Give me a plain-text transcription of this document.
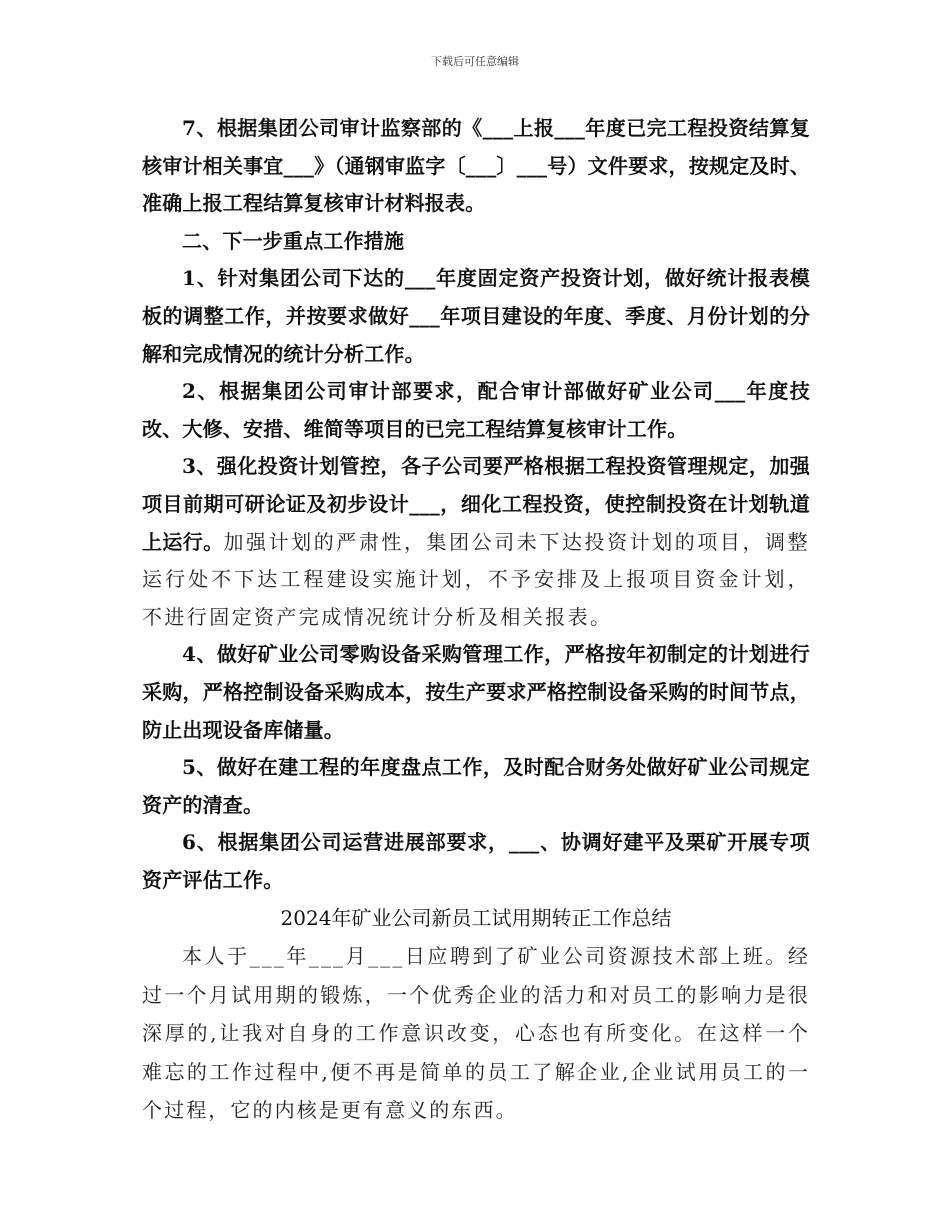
下载后可任意编辑

7、根据集团公司审计监察部的《___上报___年度已完工程投资结算复核审计相关事宜___》（通钢审监字〔___〕___号）文件要求，按规定及时、准确上报工程结算复核审计材料报表。

二、下一步重点工作措施

1、针对集团公司下达的___年度固定资产投资计划，做好统计报表模板的调整工作，并按要求做好___年项目建设的年度、季度、月份计划的分解和完成情况的统计分析工作。

2、根据集团公司审计部要求，配合审计部做好矿业公司___年度技改、大修、安措、维简等项目的已完工程结算复核审计工作。

3、强化投资计划管控，各子公司要严格根据工程投资管理规定，加强项目前期可研论证及初步设计___，细化工程投资，使控制投资在计划轨道上运行。加强计划的严肃性，集团公司未下达投资计划的项目，调整运行处不下达工程建设实施计划，不予安排及上报项目资金计划，不进行固定资产完成情况统计分析及相关报表。

4、做好矿业公司零购设备采购管理工作，严格按年初制定的计划进行采购，严格控制设备采购成本，按生产要求严格控制设备采购的时间节点，防止出现设备库储量。

5、做好在建工程的年度盘点工作，及时配合财务处做好矿业公司规定资产的清查。

6、根据集团公司运营进展部要求，___、协调好建平及栗矿开展专项资产评估工作。

2024年矿业公司新员工试用期转正工作总结

本人于___年___月___日应聘到了矿业公司资源技术部上班。经过一个月试用期的锻炼，一个优秀企业的活力和对员工的影响力是很深厚的,让我对自身的工作意识改变，心态也有所变化。在这样一个难忘的工作过程中,便不再是简单的员工了解企业,企业试用员工的一个过程，它的内核是更有意义的东西。
